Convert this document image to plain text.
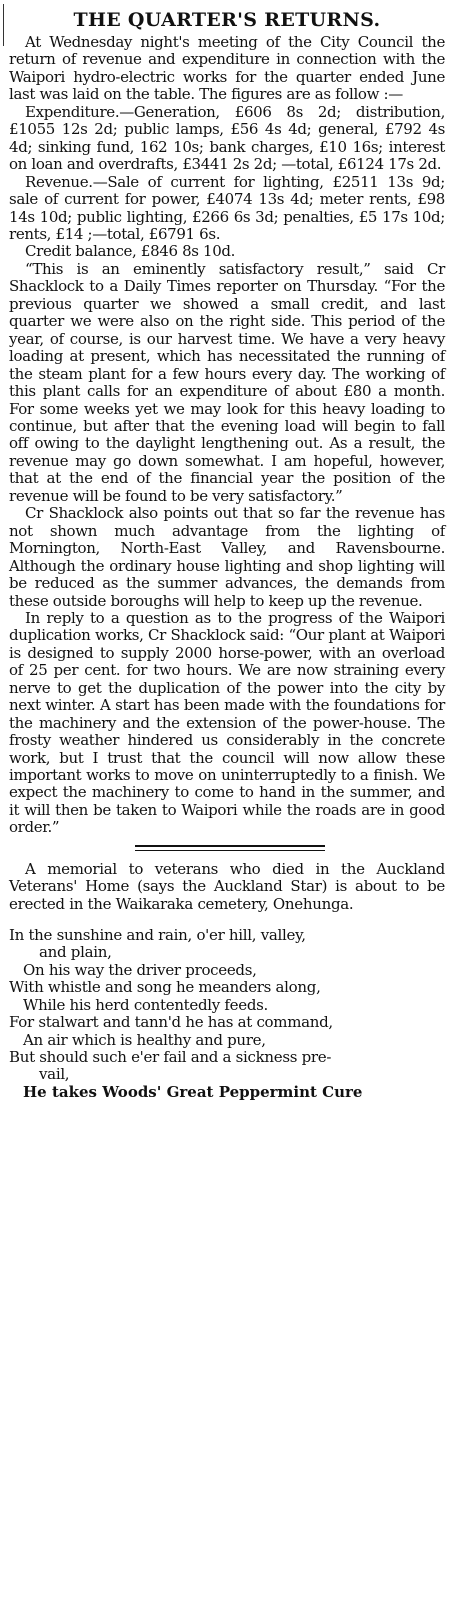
THE QUARTER'S RETURNS.

At Wednesday night's meeting of the City Council the return of revenue and expenditure in connection with the Waipori hydro-electric works for the quarter ended June last was laid on the table. The figures are as follow :—

Expenditure.—Generation, £606 8s 2d; distribution, £1055 12s 2d; public lamps, £56 4s 4d; general, £792 4s 4d; sinking fund, 162 10s; bank charges, £10 16s; interest on loan and overdrafts, £3441 2s 2d; —total, £6124 17s 2d.

Revenue.—Sale of current for lighting, £2511 13s 9d; sale of current for power, £4074 13s 4d; meter rents, £98 14s 10d; public lighting, £266 6s 3d; penalties, £5 17s 10d; rents, £14 ;—total, £6791 6s.

Credit balance, £846 8s 10d.

“This is an eminently satisfactory result,” said Cr Shacklock to a Daily Times reporter on Thursday. “For the previous quarter we showed a small credit, and last quarter we were also on the right side. This period of the year, of course, is our harvest time. We have a very heavy loading at present, which has necessitated the running of the steam plant for a few hours every day. The working of this plant calls for an expenditure of about £80 a month. For some weeks yet we may look for this heavy loading to continue, but after that the evening load will begin to fall off owing to the daylight lengthening out. As a result, the revenue may go down somewhat. I am hopeful, however, that at the end of the financial year the position of the revenue will be found to be very satisfactory.”

Cr Shacklock also points out that so far the revenue has not shown much advantage from the lighting of Mornington, North-East Valley, and Ravensbourne. Although the ordinary house lighting and shop lighting will be reduced as the summer advances, the demands from these outside boroughs will help to keep up the revenue.

In reply to a question as to the progress of the Waipori duplication works, Cr Shacklock said: “Our plant at Waipori is designed to supply 2000 horse-power, with an overload of 25 per cent. for two hours. We are now straining every nerve to get the duplication of the power into the city by next winter. A start has been made with the foundations for the machinery and the extension of the power-house. The frosty weather hindered us considerably in the concrete work, but I trust that the council will now allow these important works to move on uninterruptedly to a finish. We expect the machinery to come to hand in the summer, and it will then be taken to Waipori while the roads are in good order.”

A memorial to veterans who died in the Auckland Veterans' Home (says the Auckland Star) is about to be erected in the Waikaraka cemetery, Onehunga.

In the sunshine and rain, o'er hill, valley,
and plain,
On his way the driver proceeds,
With whistle and song he meanders along,
While his herd contentedly feeds.
For stalwart and tann'd he has at command,
An air which is healthy and pure,
But should such e'er fail and a sickness pre-
vail,
He takes Woods' Great Peppermint Cure
